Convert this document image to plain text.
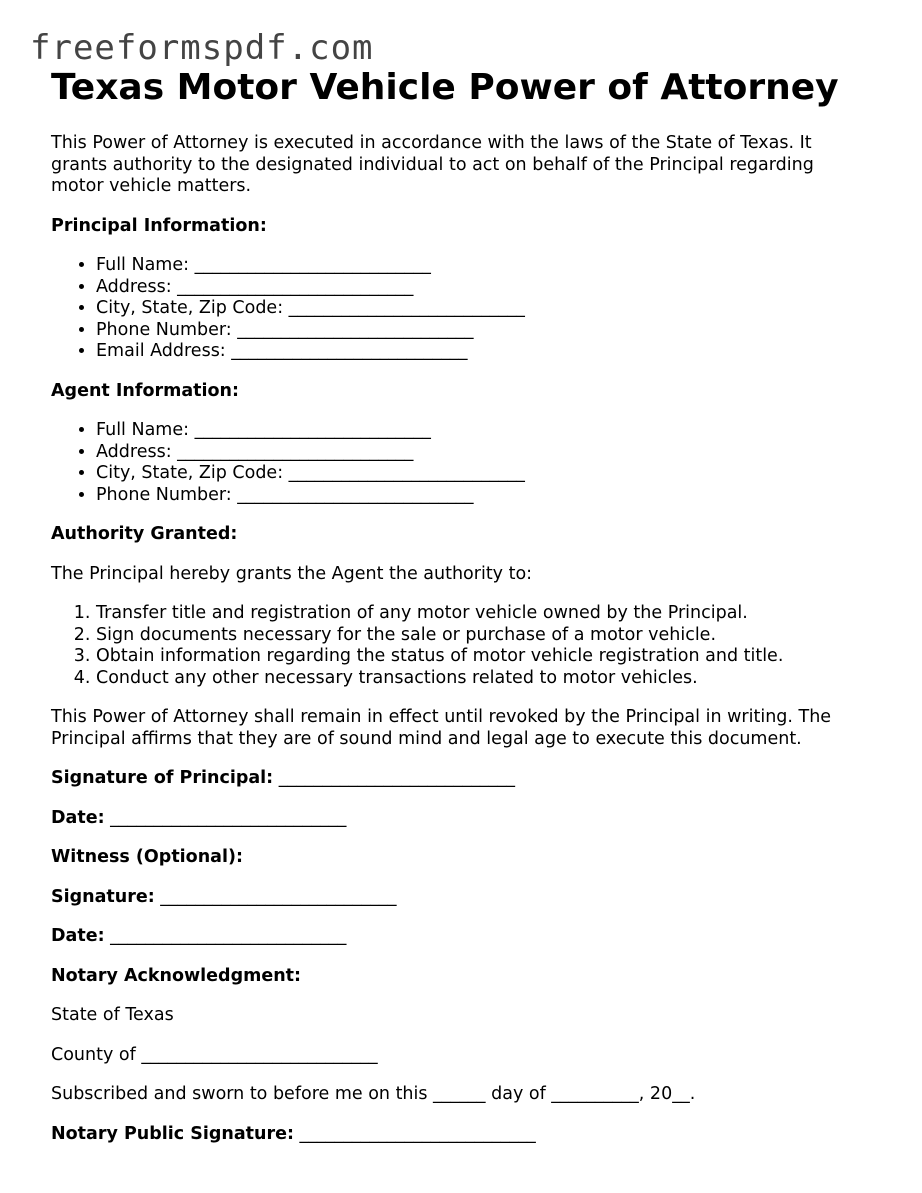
freeformspdf.com
Texas Motor Vehicle Power of Attorney

This Power of Attorney is executed in accordance with the laws of the State of Texas. It grants authority to the designated individual to act on behalf of the Principal regarding motor vehicle matters.

Principal Information:
• Full Name: ___________________________
• Address: ___________________________
• City, State, Zip Code: ___________________________
• Phone Number: ___________________________
• Email Address: ___________________________
Agent Information:
• Full Name: ___________________________
• Address: ___________________________
• City, State, Zip Code: ___________________________
• Phone Number: ___________________________
Authority Granted:

The Principal hereby grants the Agent the authority to:

1. Transfer title and registration of any motor vehicle owned by the Principal.
2. Sign documents necessary for the sale or purchase of a motor vehicle.
3. Obtain information regarding the status of motor vehicle registration and title.
4. Conduct any other necessary transactions related to motor vehicles.

This Power of Attorney shall remain in effect until revoked by the Principal in writing. The Principal affirms that they are of sound mind and legal age to execute this document.

Signature of Principal: ___________________________

Date: ___________________________

Witness (Optional):

Signature: ___________________________

Date: ___________________________

Notary Acknowledgment:

State of Texas

County of ___________________________

Subscribed and sworn to before me on this ______ day of __________, 20__.

Notary Public Signature: ___________________________
